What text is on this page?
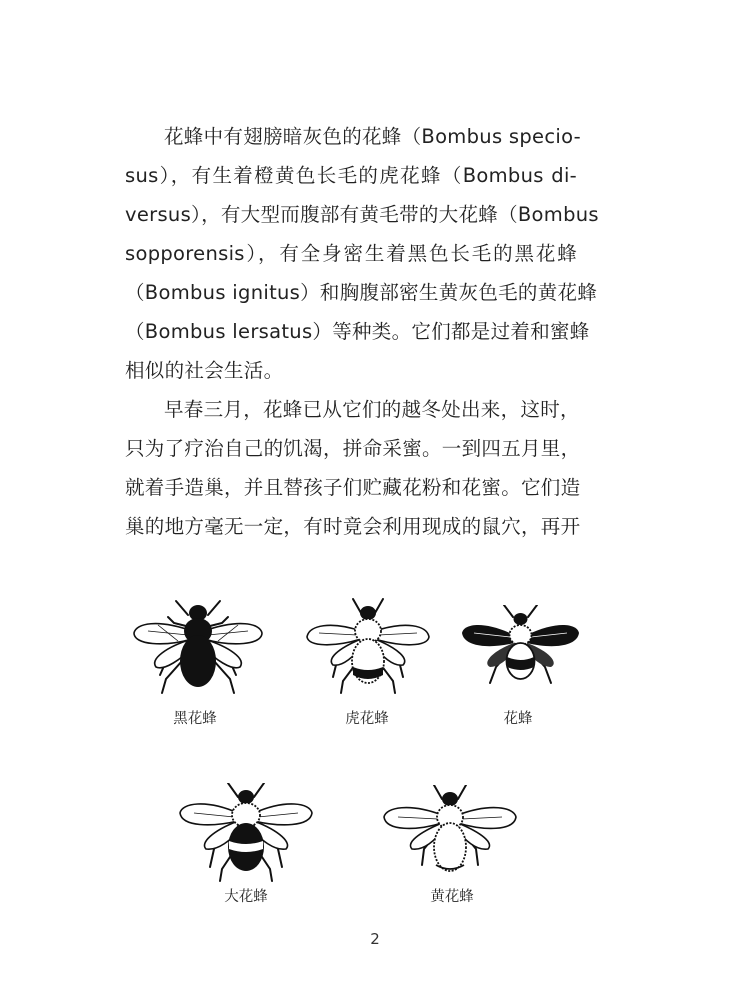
花蜂中有翅膀暗灰色的花蜂（Bombus specio-
sus），有生着橙黄色长毛的虎花蜂（Bombus di-
versus），有大型而腹部有黄毛带的大花蜂（Bombus
sopporensis），有全身密生着黑色长毛的黑花蜂
（Bombus ignitus）和胸腹部密生黄灰色毛的黄花蜂
（Bombus lersatus）等种类。它们都是过着和蜜蜂
相似的社会生活。
早春三月，花蜂已从它们的越冬处出来，这时，
只为了疗治自己的饥渴，拼命采蜜。一到四五月里，
就着手造巢，并且替孩子们贮藏花粉和花蜜。它们造
巢的地方毫无一定，有时竟会利用现成的鼠穴，再开
黑花蜂	虎花蜂	花蜂
大花蜂	黄花蜂
2
